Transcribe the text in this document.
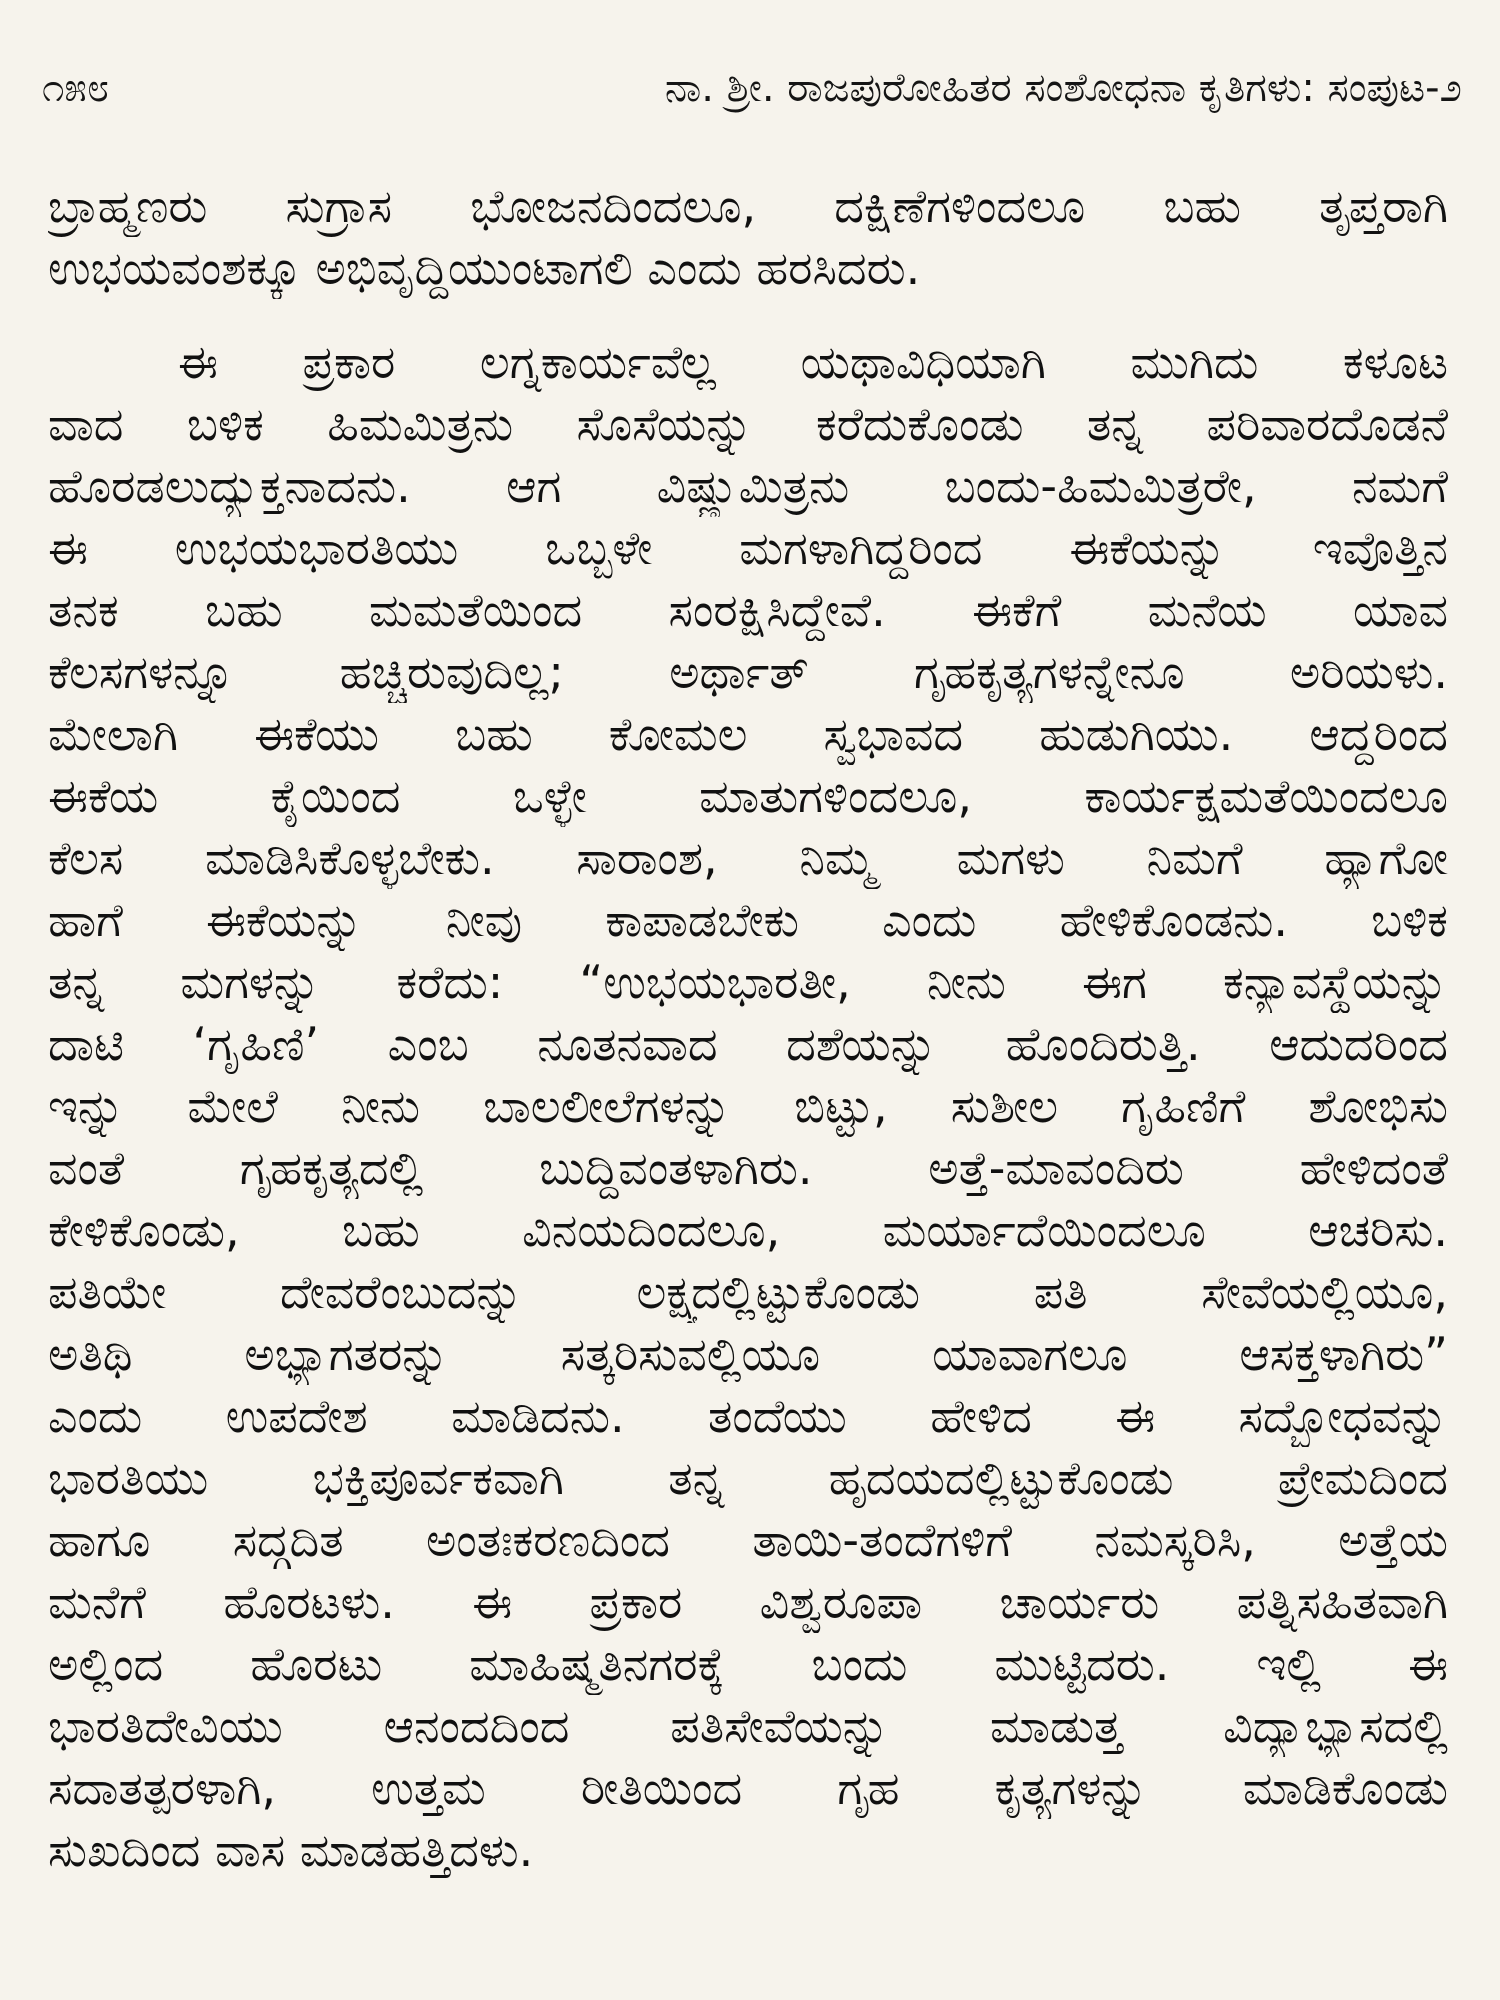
೧೫೮	ನಾ. ಶ್ರೀ. ರಾಜಪುರೋಹಿತರ ಸಂಶೋಧನಾ ಕೃತಿಗಳು: ಸಂಪುಟ-೨
ಬ್ರಾಹ್ಮಣರು ಸುಗ್ರಾಸ ಭೋಜನದಿಂದಲೂ, ದಕ್ಷಿಣೆಗಳಿಂದಲೂ ಬಹು ತೃಪ್ತರಾಗಿ
ಉಭಯವಂಶಕ್ಕೂ ಅಭಿವೃದ್ಧಿಯುಂಟಾಗಲಿ ಎಂದು ಹರಸಿದರು.
ಈ ಪ್ರಕಾರ ಲಗ್ನಕಾರ್ಯವೆಲ್ಲ ಯಥಾವಿಧಿಯಾಗಿ ಮುಗಿದು ಕಳೂಟ
ವಾದ ಬಳಿಕ ಹಿಮಮಿತ್ರನು ಸೊಸೆಯನ್ನು ಕರೆದುಕೊಂಡು ತನ್ನ ಪರಿವಾರದೊಡನೆ
ಹೊರಡಲುದ್ಯುಕ್ತನಾದನು. ಆಗ ವಿಷ್ಣುಮಿತ್ರನು ಬಂದು-ಹಿಮಮಿತ್ರರೇ, ನಮಗೆ
ಈ ಉಭಯಭಾರತಿಯು ಒಬ್ಬಳೇ ಮಗಳಾಗಿದ್ದರಿಂದ ಈಕೆಯನ್ನು ಇವೊತ್ತಿನ
ತನಕ ಬಹು ಮಮತೆಯಿಂದ ಸಂರಕ್ಷಿಸಿದ್ದೇವೆ. ಈಕೆಗೆ ಮನೆಯ ಯಾವ
ಕೆಲಸಗಳನ್ನೂ ಹಚ್ಚಿರುವುದಿಲ್ಲ; ಅರ್ಥಾತ್ ಗೃಹಕೃತ್ಯಗಳನ್ನೇನೂ ಅರಿಯಳು.
ಮೇಲಾಗಿ ಈಕೆಯು ಬಹು ಕೋಮಲ ಸ್ವಭಾವದ ಹುಡುಗಿಯು. ಆದ್ದರಿಂದ
ಈಕೆಯ ಕೈಯಿಂದ ಒಳ್ಳೇ ಮಾತುಗಳಿಂದಲೂ, ಕಾರ್ಯಕ್ಷಮತೆಯಿಂದಲೂ
ಕೆಲಸ ಮಾಡಿಸಿಕೊಳ್ಳಬೇಕು. ಸಾರಾಂಶ, ನಿಮ್ಮ ಮಗಳು ನಿಮಗೆ ಹ್ಯಾಗೋ
ಹಾಗೆ ಈಕೆಯನ್ನು ನೀವು ಕಾಪಾಡಬೇಕು ಎಂದು ಹೇಳಿಕೊಂಡನು. ಬಳಿಕ
ತನ್ನ ಮಗಳನ್ನು ಕರೆದು: “ಉಭಯಭಾರತೀ, ನೀನು ಈಗ ಕನ್ಯಾವಸ್ಥೆಯನ್ನು
ದಾಟಿ ‘ಗೃಹಿಣಿ’ ಎಂಬ ನೂತನವಾದ ದಶೆಯನ್ನು ಹೊಂದಿರುತ್ತಿ. ಆದುದರಿಂದ
ಇನ್ನು ಮೇಲೆ ನೀನು ಬಾಲಲೀಲೆಗಳನ್ನು ಬಿಟ್ಟು, ಸುಶೀಲ ಗೃಹಿಣಿಗೆ ಶೋಭಿಸು
ವಂತೆ ಗೃಹಕೃತ್ಯದಲ್ಲಿ ಬುದ್ಧಿವಂತಳಾಗಿರು. ಅತ್ತೆ-ಮಾವಂದಿರು ಹೇಳಿದಂತೆ
ಕೇಳಿಕೊಂಡು, ಬಹು ವಿನಯದಿಂದಲೂ, ಮರ್ಯಾದೆಯಿಂದಲೂ ಆಚರಿಸು.
ಪತಿಯೇ ದೇವರೆಂಬುದನ್ನು ಲಕ್ಷ್ಯದಲ್ಲಿಟ್ಟುಕೊಂಡು ಪತಿ ಸೇವೆಯಲ್ಲಿಯೂ,
ಅತಿಥಿ ಅಭ್ಯಾಗತರನ್ನು ಸತ್ಕರಿಸುವಲ್ಲಿಯೂ ಯಾವಾಗಲೂ ಆಸಕ್ತಳಾಗಿರು”
ಎಂದು ಉಪದೇಶ ಮಾಡಿದನು. ತಂದೆಯು ಹೇಳಿದ ಈ ಸದ್ಬೋಧವನ್ನು
ಭಾರತಿಯು ಭಕ್ತಿಪೂರ್ವಕವಾಗಿ ತನ್ನ ಹೃದಯದಲ್ಲಿಟ್ಟುಕೊಂಡು ಪ್ರೇಮದಿಂದ
ಹಾಗೂ ಸದ್ಗದಿತ ಅಂತಃಕರಣದಿಂದ ತಾಯಿ-ತಂದೆಗಳಿಗೆ ನಮಸ್ಕರಿಸಿ, ಅತ್ತೆಯ
ಮನೆಗೆ ಹೊರಟಳು. ಈ ಪ್ರಕಾರ ವಿಶ್ವರೂಪಾ ಚಾರ್ಯರು ಪತ್ನಿಸಹಿತವಾಗಿ
ಅಲ್ಲಿಂದ ಹೊರಟು ಮಾಹಿಷ್ಮತಿನಗರಕ್ಕೆ ಬಂದು ಮುಟ್ಟಿದರು. ಇಲ್ಲಿ ಈ
ಭಾರತಿದೇವಿಯು ಆನಂದದಿಂದ ಪತಿಸೇವೆಯನ್ನು ಮಾಡುತ್ತ ವಿದ್ಯಾಭ್ಯಾಸದಲ್ಲಿ
ಸದಾತತ್ಪರಳಾಗಿ, ಉತ್ತಮ ರೀತಿಯಿಂದ ಗೃಹ ಕೃತ್ಯಗಳನ್ನು ಮಾಡಿಕೊಂಡು
ಸುಖದಿಂದ ವಾಸ ಮಾಡಹತ್ತಿದಳು.
